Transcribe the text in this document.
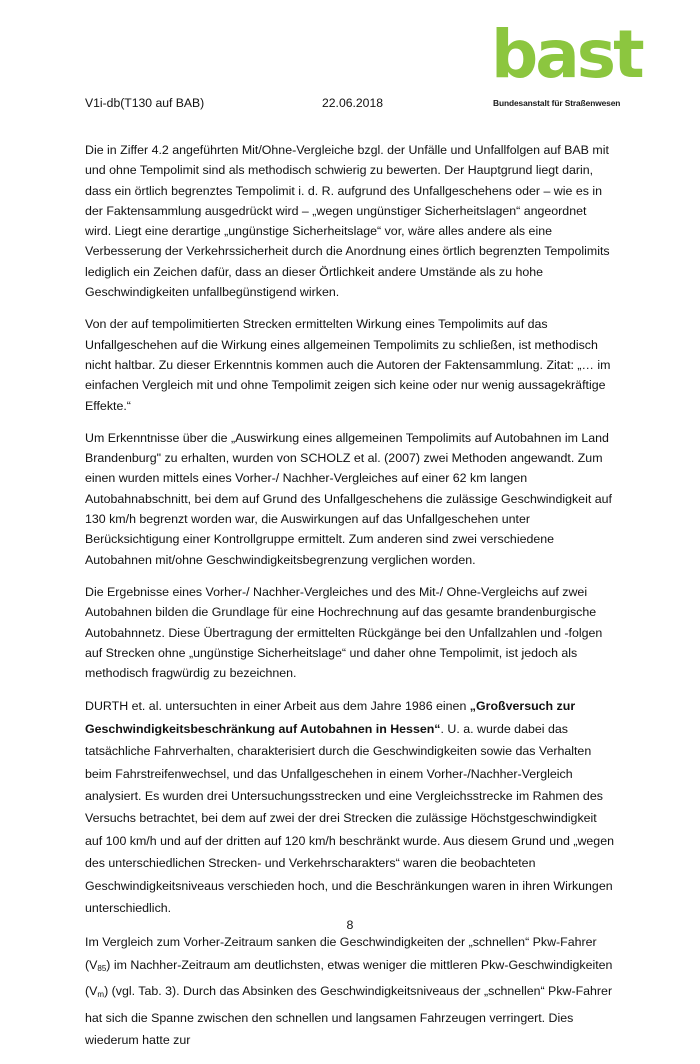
V1i-db(T130 auf BAB)	22.06.2018
bast
Bundesanstalt für Straßenwesen

Die in Ziffer 4.2 angeführten Mit/Ohne-Vergleiche bzgl. der Unfälle und Unfallfolgen auf BAB mit und ohne Tempolimit sind als methodisch schwierig zu bewerten. Der Hauptgrund liegt darin, dass ein örtlich begrenztes Tempolimit i. d. R. aufgrund des Unfallgeschehens oder – wie es in der Faktensammlung ausgedrückt wird – „wegen ungünstiger Sicherheitslagen“ angeordnet wird. Liegt eine derartige „ungünstige Sicherheitslage“ vor, wäre alles andere als eine Verbesserung der Verkehrssicherheit durch die Anordnung eines örtlich begrenzten Tempolimits lediglich ein Zeichen dafür, dass an dieser Örtlichkeit andere Umstände als zu hohe Geschwindigkeiten unfallbegünstigend wirken.

Von der auf tempolimitierten Strecken ermittelten Wirkung eines Tempolimits auf das Unfallgeschehen auf die Wirkung eines allgemeinen Tempolimits zu schließen, ist methodisch nicht haltbar. Zu dieser Erkenntnis kommen auch die Autoren der Faktensammlung. Zitat: „… im einfachen Vergleich mit und ohne Tempolimit zeigen sich keine oder nur wenig aussagekräftige Effekte.“

Um Erkenntnisse über die „Auswirkung eines allgemeinen Tempolimits auf Autobahnen im Land Brandenburg" zu erhalten, wurden von SCHOLZ et al. (2007) zwei Methoden angewandt. Zum einen wurden mittels eines Vorher-/ Nachher-Vergleiches auf einer 62 km langen Autobahnabschnitt, bei dem auf Grund des Unfallgeschehens die zulässige Geschwindigkeit auf 130 km/h begrenzt worden war, die Auswirkungen auf das Unfallgeschehen unter Berücksichtigung einer Kontrollgruppe ermittelt. Zum anderen sind zwei verschiedene Autobahnen mit/ohne Geschwindigkeitsbegrenzung verglichen worden.

Die Ergebnisse eines Vorher-/ Nachher-Vergleiches und des Mit-/ Ohne-Vergleichs auf zwei Autobahnen bilden die Grundlage für eine Hochrechnung auf das gesamte brandenburgische Autobahnnetz. Diese Übertragung der ermittelten Rückgänge bei den Unfallzahlen und -folgen auf Strecken ohne „ungünstige Sicherheitslage“ und daher ohne Tempolimit, ist jedoch als methodisch fragwürdig zu bezeichnen.

DURTH et. al. untersuchten in einer Arbeit aus dem Jahre 1986 einen „Großversuch zur Geschwindigkeitsbeschränkung auf Autobahnen in Hessen“. U. a. wurde dabei das tatsächliche Fahrverhalten, charakterisiert durch die Geschwindigkeiten sowie das Verhalten beim Fahrstreifenwechsel, und das Unfallgeschehen in einem Vorher-/Nachher-Vergleich analysiert. Es wurden drei Untersuchungsstrecken und eine Vergleichsstrecke im Rahmen des Versuchs betrachtet, bei dem auf zwei der drei Strecken die zulässige Höchstgeschwindigkeit auf 100 km/h und auf der dritten auf 120 km/h beschränkt wurde. Aus diesem Grund und „wegen des unterschiedlichen Strecken- und Verkehrscharakters“ waren die beobachteten Geschwindigkeitsniveaus verschieden hoch, und die Beschränkungen waren in ihren Wirkungen unterschiedlich.

Im Vergleich zum Vorher-Zeitraum sanken die Geschwindigkeiten der „schnellen“ Pkw-Fahrer $(V_{85})$ im Nachher-Zeitraum am deutlichsten, etwas weniger die mittleren Pkw-Geschwindigkeiten $(V_m)$ (vgl. Tab. 3). Durch das Absinken des Geschwindigkeitsniveaus der „schnellen“ Pkw-Fahrer hat sich die Spanne zwischen den schnellen und langsamen Fahrzeugen verringert. Dies wiederum hatte zur

8
